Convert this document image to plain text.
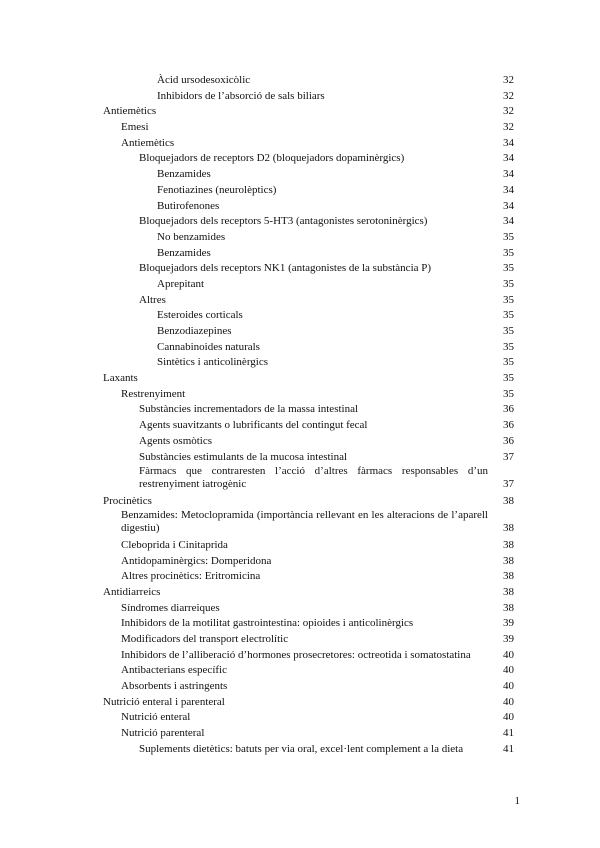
Àcid ursodesoxicòlic	32
Inhibidors de l’absorció de sals biliars	32
Antiemètics	32
Emesi	32
Antiemètics	34
Bloquejadors de receptors D2 (bloquejadors dopaminèrgics)	34
Benzamides	34
Fenotiazines (neurolèptics)	34
Butirofenones	34
Bloquejadors dels receptors 5-HT3 (antagonistes serotoninèrgics)	34
No benzamides	35
Benzamides	35
Bloquejadors dels receptors NK1 (antagonistes de la substància P)	35
Aprepitant	35
Altres	35
Esteroides corticals	35
Benzodiazepines	35
Cannabinoides naturals	35
Sintètics i anticolinèrgics	35
Laxants	35
Restrenyiment	35
Substàncies incrementadors de la massa intestinal	36
Agents suavitzants o lubrificants del contingut fecal	36
Agents osmòtics	36
Substàncies estimulants de la mucosa intestinal	37
Fàrmacs que contraresten l’acció d’altres fàrmacs responsables d’un restrenyiment iatrogènic	37
Procinètics	38
Benzamides: Metoclopramida (importància rellevant en les alteracions de l’aparell digestiu)	38
Cleboprida i Cinitaprida	38
Antidopaminèrgics: Domperidona	38
Altres procinètics: Eritromicina	38
Antidiarreics	38
Síndromes diarreiques	38
Inhibidors de la motilitat gastrointestina: opioides i anticolinèrgics	39
Modificadors del transport electrolític	39
Inhibidors de l’alliberació d’hormones prosecretores: octreotida i somatostatina	40
Antibacterians específic	40
Absorbents i astringents	40
Nutrició enteral i parenteral	40
Nutrició enteral	40
Nutrició parenteral	41
Suplements dietètics: batuts per via oral, excel·lent complement a la dieta	41
1
